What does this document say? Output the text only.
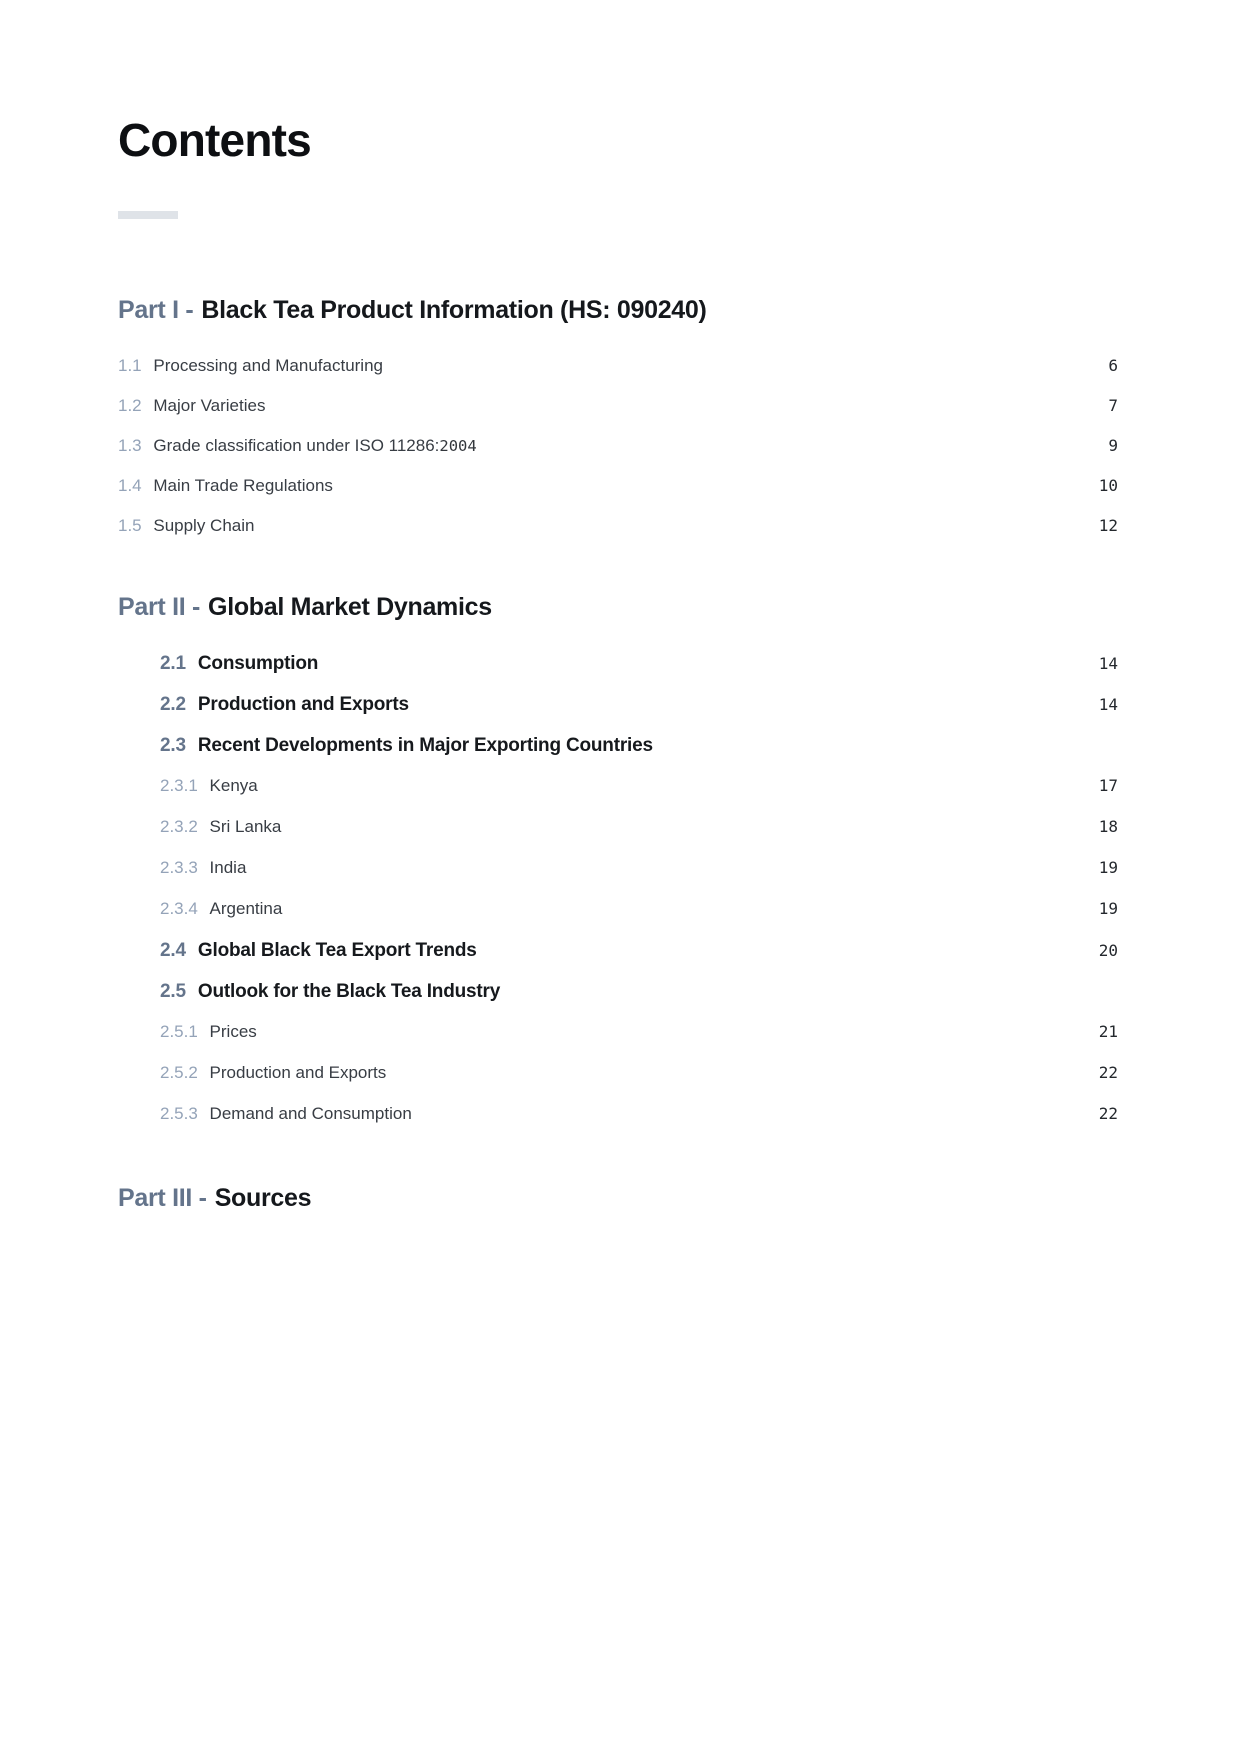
Contents
Part I - Black Tea Product Information (HS: 090240)
1.1 Processing and Manufacturing	6
1.2 Major Varieties	7
1.3 Grade classification under ISO 11286:2004	9
1.4 Main Trade Regulations	10
1.5 Supply Chain	12
Part II - Global Market Dynamics
2.1 Consumption	14
2.2 Production and Exports	14
2.3 Recent Developments in Major Exporting Countries
2.3.1 Kenya	17
2.3.2 Sri Lanka	18
2.3.3 India	19
2.3.4 Argentina	19
2.4 Global Black Tea Export Trends	20
2.5 Outlook for the Black Tea Industry
2.5.1 Prices	21
2.5.2 Production and Exports	22
2.5.3 Demand and Consumption	22
Part III - Sources
